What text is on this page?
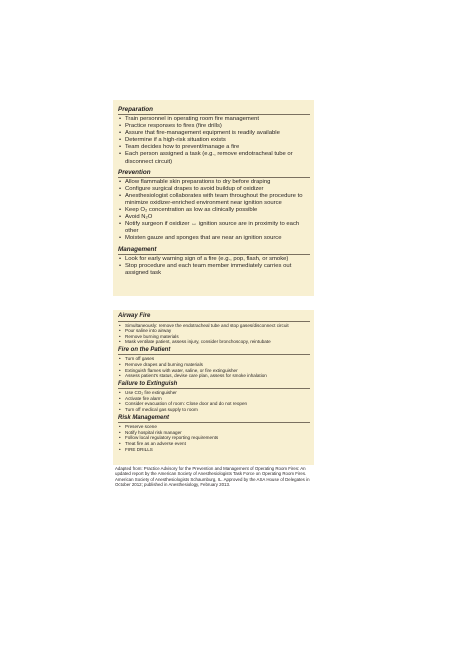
Preparation
• Train personnel in operating room fire management
• Practice responses to fires (fire drills)
• Assure that fire-management equipment is readily available
• Determine if a high-risk situation exists
• Team decides how to prevent/manage a fire
• Each person assigned a task (e.g., remove endotracheal tube or disconnect circuit)
Prevention
• Allow flammable skin preparations to dry before draping
• Configure surgical drapes to avoid buildup of oxidizer
• Anesthesiologist collaborates with team throughout the procedure to minimize oxidizer-enriched environment near ignition source
• Keep O₂ concentration as low as clinically possible
• Avoid N₂O
• Notify surgeon if oxidizer ↔ ignition source are in proximity to each other
• Moisten gauze and sponges that are near an ignition source
Management
• Look for early warning sign of a fire (e.g., pop, flash, or smoke)
• Stop procedure and each team member immediately carries out assigned task
Airway Fire
• Simultaneously: remove the endotracheal tube and stop gases/disconnect circuit
• Pour saline into airway
• Remove burning materials
• Mask ventilate patient, assess injury, consider bronchoscopy, reintubate
Fire on the Patient
• Turn off gases
• Remove drapes and burning materials
• Extinguish flames with water, saline, or fire extinguisher
• Assess patient's status, devise care plan, assess for smoke inhalation
Failure to Extinguish
• Use CO₂ fire extinguisher
• Activate fire alarm
• Consider evacuation of room: Close door and do not reopen
• Turn off medical gas supply to room
Risk Management
• Preserve scene
• Notify hospital risk manager
• Follow local regulatory reporting requirements
• Treat fire as an adverse event
• FIRE DRILLS
Adapted from: Practice Advisory for the Prevention and Management of Operating Room Fires: An updated report by the American Society of Anesthesiologists Task Force on Operating Room Fires. American Society of Anesthesiologists Schaumburg, IL. Approved by the ASA House of Delegates in October 2012; published in Anesthesiology, February 2013.
